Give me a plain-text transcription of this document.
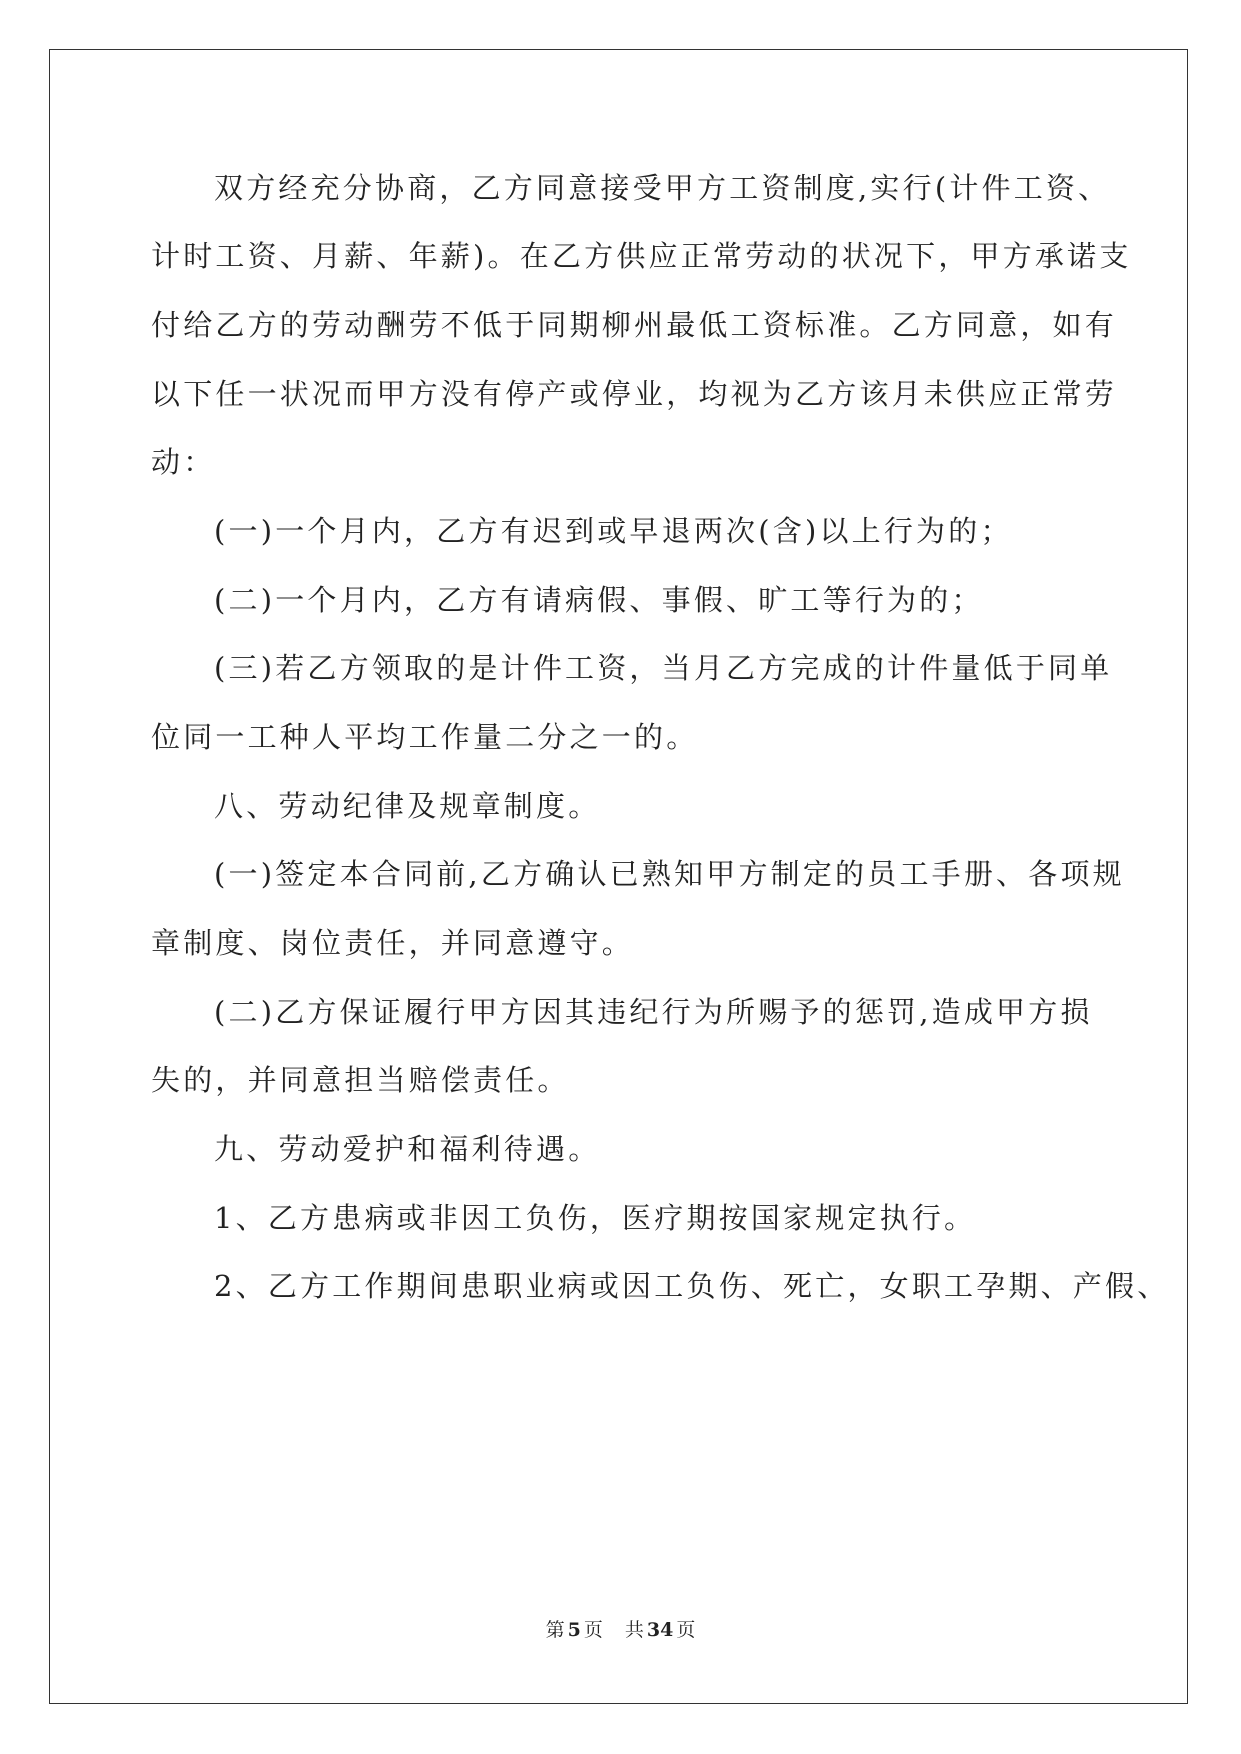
双方经充分协商，乙方同意接受甲方工资制度,实行(计件工资、
计时工资、月薪、年薪)。在乙方供应正常劳动的状况下，甲方承诺支
付给乙方的劳动酬劳不低于同期柳州最低工资标准。乙方同意，如有
以下任一状况而甲方没有停产或停业，均视为乙方该月未供应正常劳
动：
(一)一个月内，乙方有迟到或早退两次(含)以上行为的；
(二)一个月内，乙方有请病假、事假、旷工等行为的；
(三)若乙方领取的是计件工资，当月乙方完成的计件量低于同单
位同一工种人平均工作量二分之一的。
八、劳动纪律及规章制度。
(一)签定本合同前,乙方确认已熟知甲方制定的员工手册、各项规
章制度、岗位责任，并同意遵守。
(二)乙方保证履行甲方因其违纪行为所赐予的惩罚,造成甲方损
失的，并同意担当赔偿责任。
九、劳动爱护和福利待遇。
1、乙方患病或非因工负伤，医疗期按国家规定执行。
2、乙方工作期间患职业病或因工负伤、死亡，女职工孕期、产假、
第 5 页 共 34 页
